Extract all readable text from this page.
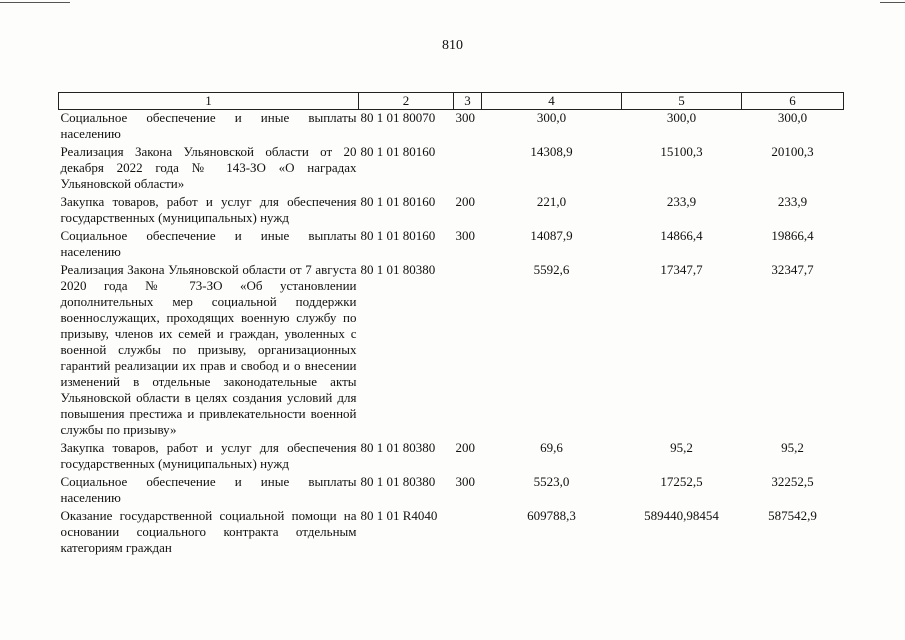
810
1	2	3	4	5	6
Социальное обеспечение и иные выплаты населению	80 1 01 80070	300	300,0	300,0	300,0
Реализация Закона Ульяновской области от 20 декабря 2022 года № 143-ЗО «О наградах Ульяновской области»	80 1 01 80160		14308,9	15100,3	20100,3
Закупка товаров, работ и услуг для обеспечения государственных (муниципальных) нужд	80 1 01 80160	200	221,0	233,9	233,9
Социальное обеспечение и иные выплаты населению	80 1 01 80160	300	14087,9	14866,4	19866,4
Реализация Закона Ульяновской области от 7 августа 2020 года № 73-ЗО «Об установлении дополнительных мер социальной поддержки военнослужащих, проходящих военную службу по призыву, членов их семей и граждан, уволенных с военной службы по призыву, организационных гарантий реализации их прав и свобод и о внесении изменений в отдельные законодательные акты Ульяновской области в целях создания условий для повышения престижа и привлекательности военной службы по призыву»	80 1 01 80380		5592,6	17347,7	32347,7
Закупка товаров, работ и услуг для обеспечения государственных (муниципальных) нужд	80 1 01 80380	200	69,6	95,2	95,2
Социальное обеспечение и иные выплаты населению	80 1 01 80380	300	5523,0	17252,5	32252,5
Оказание государственной социальной помощи на основании социального контракта отдельным категориям граждан	80 1 01 R4040		609788,3	589440,98454	587542,9
